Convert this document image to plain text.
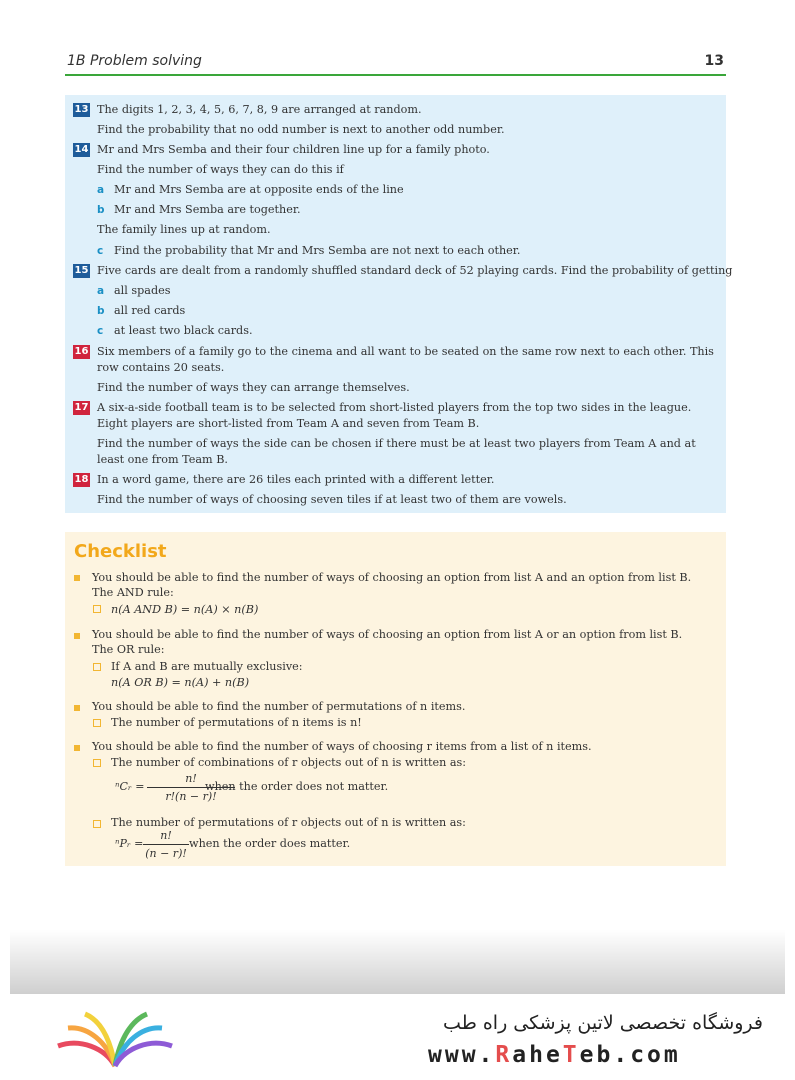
1B Problem solving	13
13 The digits 1, 2, 3, 4, 5, 6, 7, 8, 9 are arranged at random.
Find the probability that no odd number is next to another odd number.
14 Mr and Mrs Semba and their four children line up for a family photo.
Find the number of ways they can do this if
a Mr and Mrs Semba are at opposite ends of the line
b Mr and Mrs Semba are together.
The family lines up at random.
c Find the probability that Mr and Mrs Semba are not next to each other.
15 Five cards are dealt from a randomly shuffled standard deck of 52 playing cards. Find the probability of getting
a all spades
b all red cards
c at least two black cards.
16 Six members of a family go to the cinema and all want to be seated on the same row next to each other. This row contains 20 seats.
Find the number of ways they can arrange themselves.
17 A six-a-side football team is to be selected from short-listed players from the top two sides in the league.
Eight players are short-listed from Team A and seven from Team B.
Find the number of ways the side can be chosen if there must be at least two players from Team A and at least one from Team B.
18 In a word game, there are 26 tiles each printed with a different letter.
Find the number of ways of choosing seven tiles if at least two of them are vowels.
Checklist
You should be able to find the number of ways of choosing an option from list A and an option from list B.
The AND rule:
n(A AND B) = n(A) × n(B)
You should be able to find the number of ways of choosing an option from list A or an option from list B.
The OR rule:
If A and B are mutually exclusive:
n(A OR B) = n(A) + n(B)
You should be able to find the number of permutations of n items.
The number of permutations of n items is n!
You should be able to find the number of ways of choosing r items from a list of n items.
The number of combinations of r objects out of n is written as:
ⁿCᵣ =
n!
r!(n − r)!
when the order does not matter.
The number of permutations of r objects out of n is written as:
ⁿPᵣ =
n!
(n − r)!
when the order does matter.
فروشگاه تخصصی لاتین پزشکی راه طب
www.RaheTeb.com
